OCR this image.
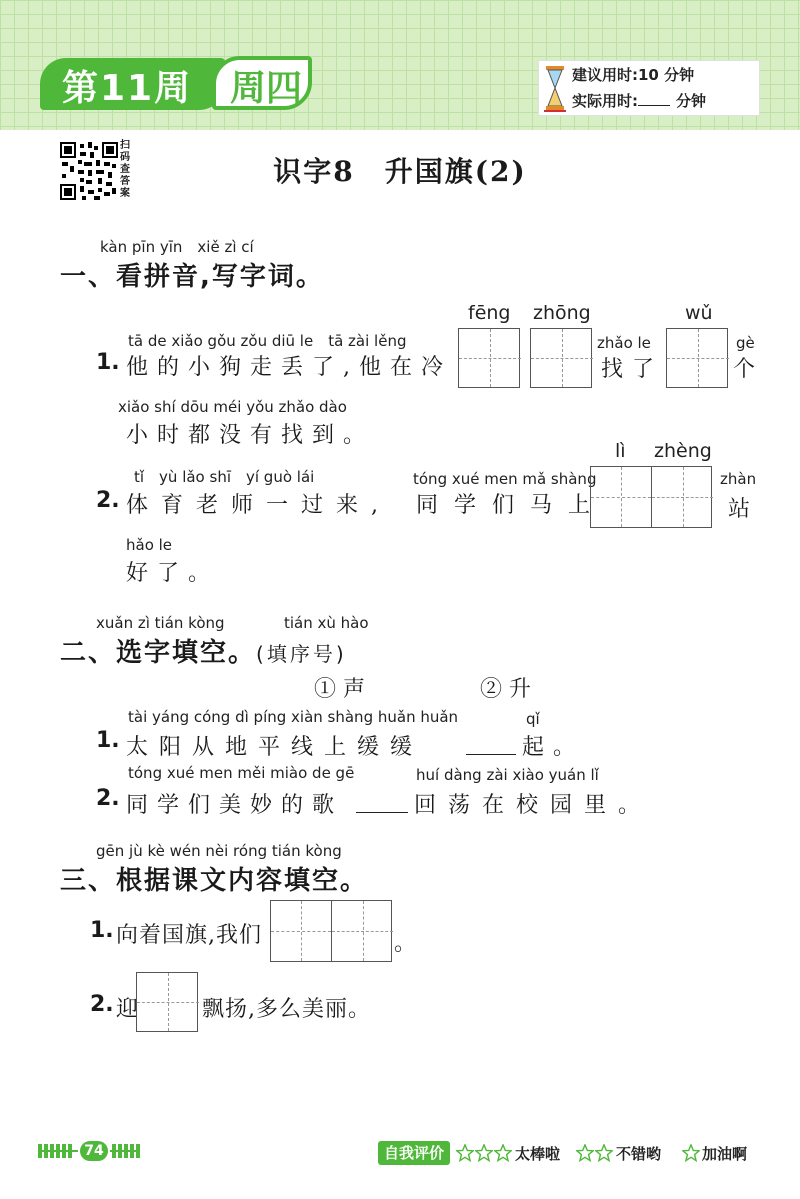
第11周 周四	建议用时:10 分钟
实际用时:	分钟
扫码查答案
识字8　升国旗(2)
kàn pīn yīn　xiě zì cí
一、看拼音,写字词。
tā de xiǎo gǒu zǒu diū le　tā zài lěng
1. 他的小狗走丢了,他在冷
fēng zhōng
zhǎo le
找了
wǔ
gè
个
xiǎo shí dōu méi yǒu zhǎo dào
小时都没有找到。
tǐ　yù lǎo shī　yí guò lái
2. 体育老师一过来,
tóng xué men mǎ shàng
同学们马上
lì zhèng
zhàn
站
hǎo le
好了。
xuǎn zì tián kòng	tián xù hào
二、选字填空。(填序号)
① 声	② 升
tài yáng cóng dì píng xiàn shàng huǎn huǎn	qǐ
1. 太阳从地平线上缓缓	起。
tóng xué men měi miào de gē	huí dàng zài xiào yuán lǐ
2. 同学们美妙的歌	回荡在校园里。
gēn jù kè wén nèi róng tián kòng
三、根据课文内容填空。
1. 向着国旗,我们	。
2. 迎 飘扬,多么美丽。
74	自我评价	太棒啦	不错哟	加油啊
